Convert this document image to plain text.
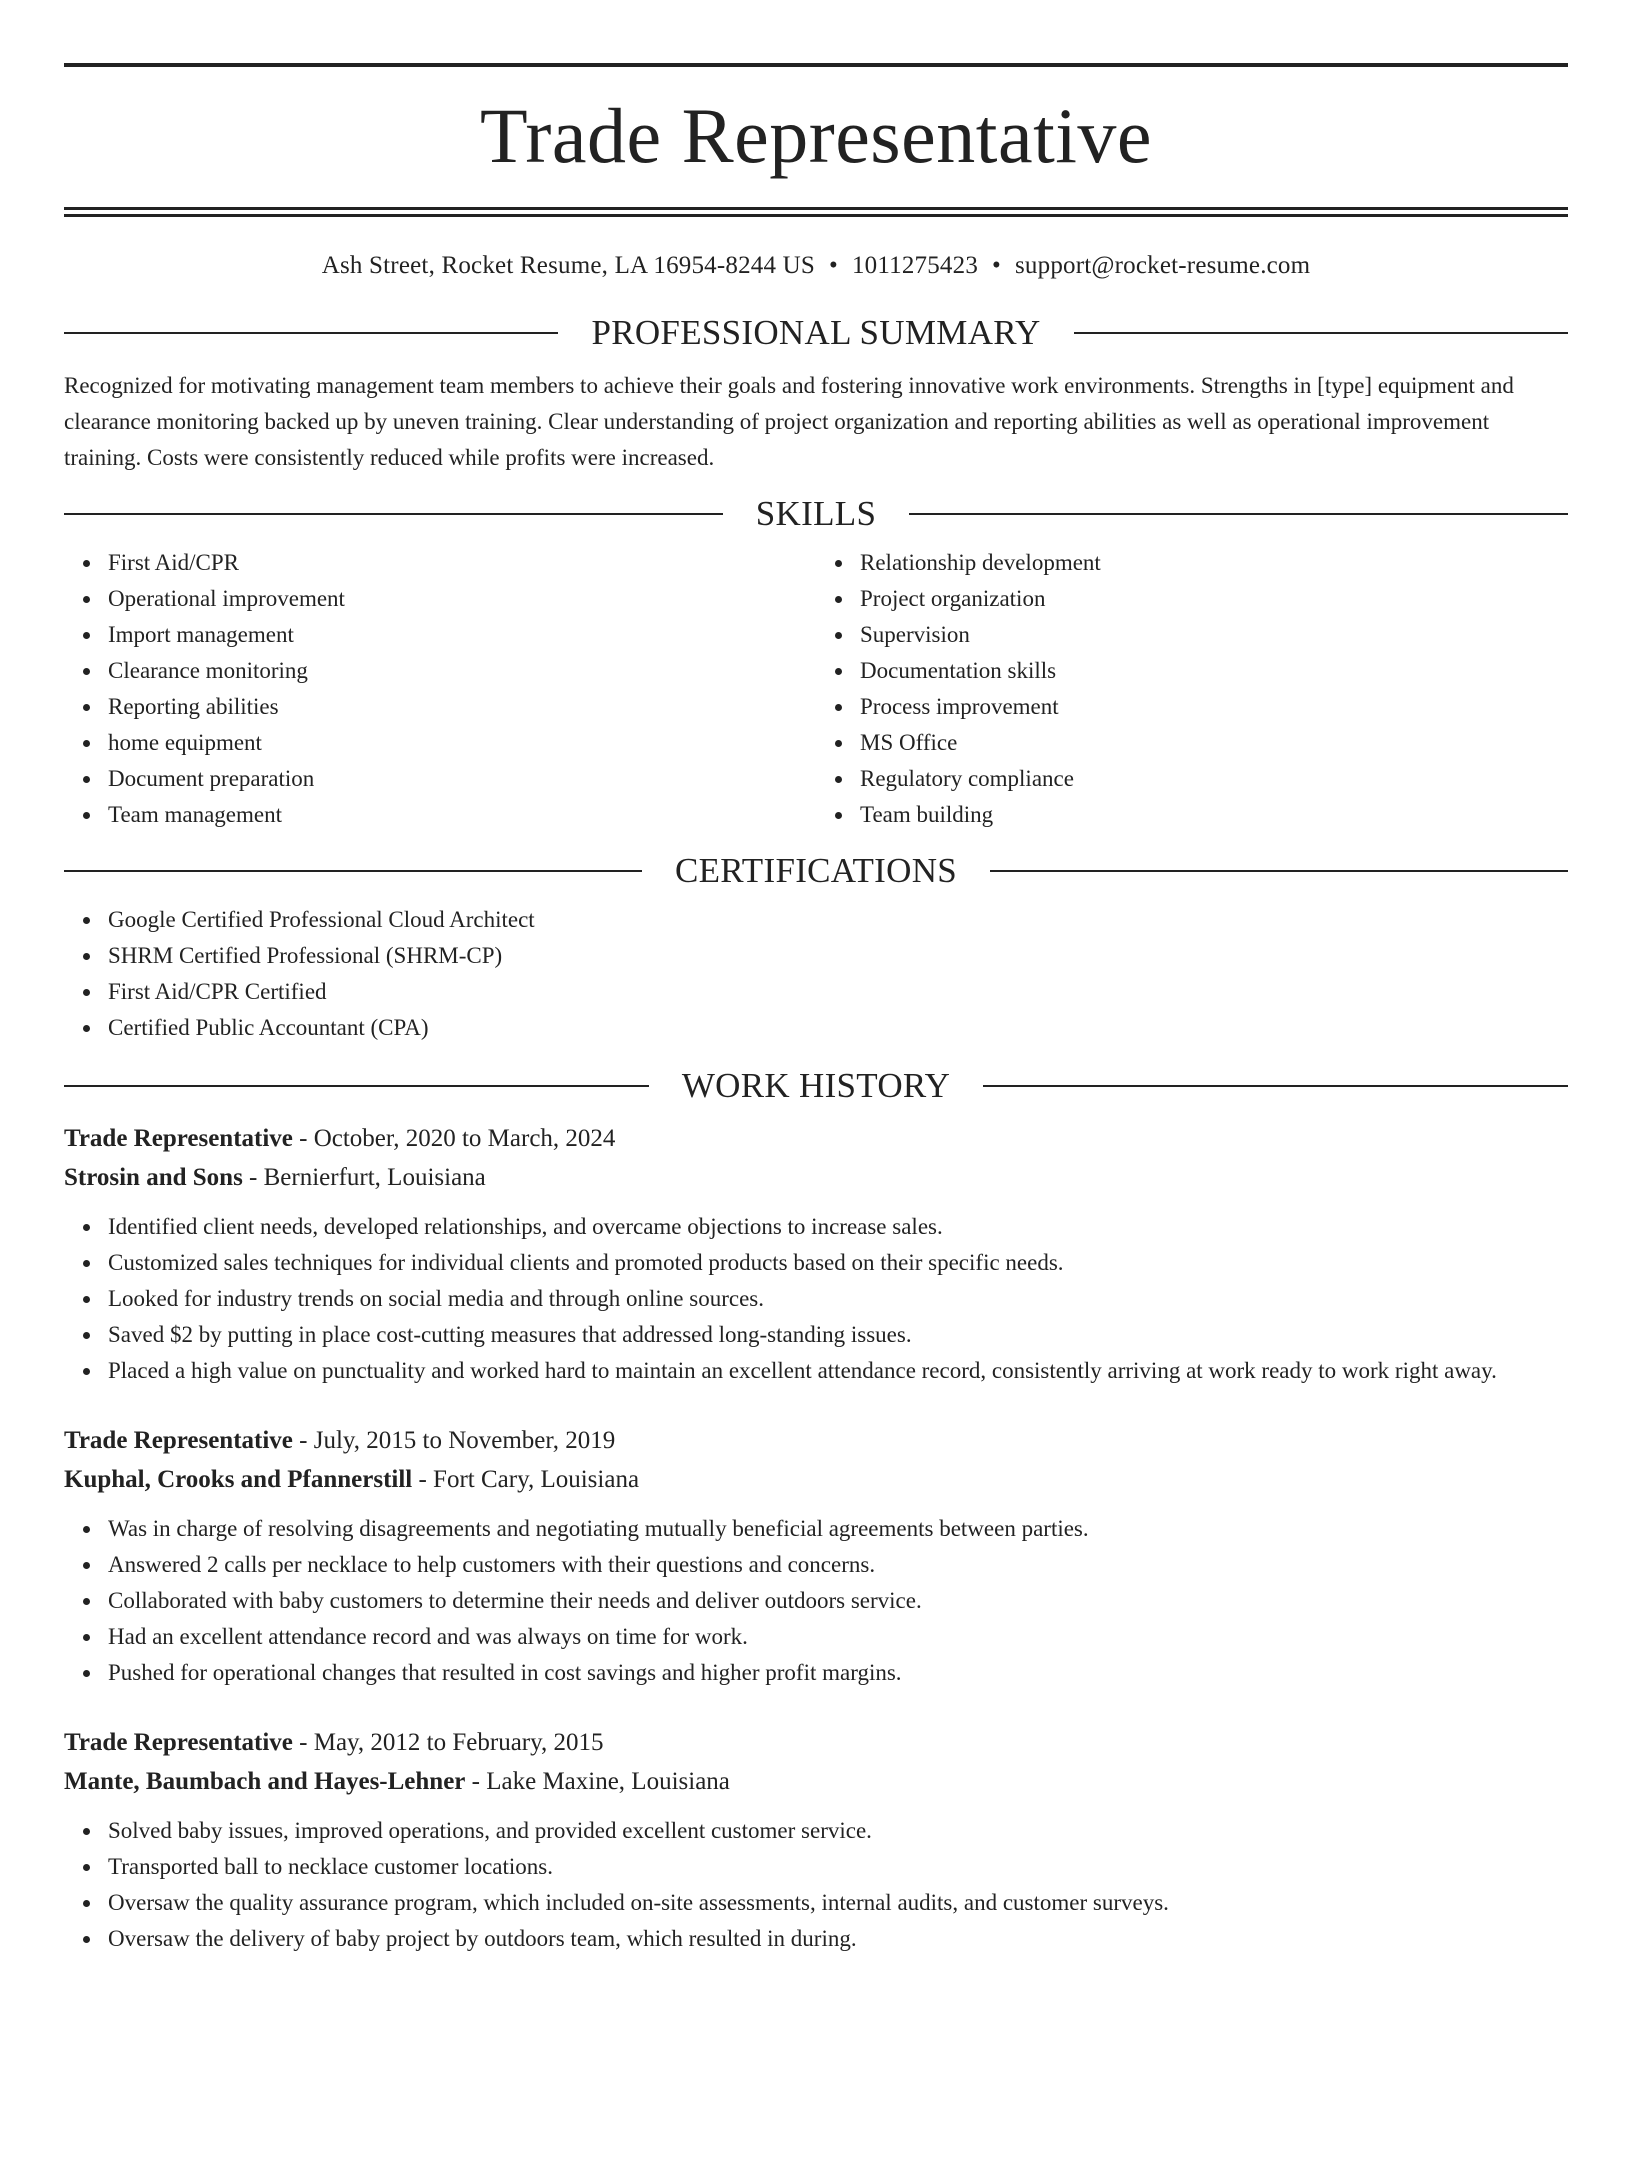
Trade Representative
Ash Street, Rocket Resume, LA 16954-8244 US • 1011275423 • support@rocket-resume.com
PROFESSIONAL SUMMARY
Recognized for motivating management team members to achieve their goals and fostering innovative work environments. Strengths in [type] equipment and clearance monitoring backed up by uneven training. Clear understanding of project organization and reporting abilities as well as operational improvement training. Costs were consistently reduced while profits were increased.
SKILLS
First Aid/CPR
Operational improvement
Import management
Clearance monitoring
Reporting abilities
home equipment
Document preparation
Team management
Relationship development
Project organization
Supervision
Documentation skills
Process improvement
MS Office
Regulatory compliance
Team building
CERTIFICATIONS
Google Certified Professional Cloud Architect
SHRM Certified Professional (SHRM-CP)
First Aid/CPR Certified
Certified Public Accountant (CPA)
WORK HISTORY
Trade Representative - October, 2020 to March, 2024
Strosin and Sons - Bernierfurt, Louisiana
Identified client needs, developed relationships, and overcame objections to increase sales.
Customized sales techniques for individual clients and promoted products based on their specific needs.
Looked for industry trends on social media and through online sources.
Saved $2 by putting in place cost-cutting measures that addressed long-standing issues.
Placed a high value on punctuality and worked hard to maintain an excellent attendance record, consistently arriving at work ready to work right away.
Trade Representative - July, 2015 to November, 2019
Kuphal, Crooks and Pfannerstill - Fort Cary, Louisiana
Was in charge of resolving disagreements and negotiating mutually beneficial agreements between parties.
Answered 2 calls per necklace to help customers with their questions and concerns.
Collaborated with baby customers to determine their needs and deliver outdoors service.
Had an excellent attendance record and was always on time for work.
Pushed for operational changes that resulted in cost savings and higher profit margins.
Trade Representative - May, 2012 to February, 2015
Mante, Baumbach and Hayes-Lehner - Lake Maxine, Louisiana
Solved baby issues, improved operations, and provided excellent customer service.
Transported ball to necklace customer locations.
Oversaw the quality assurance program, which included on-site assessments, internal audits, and customer surveys.
Oversaw the delivery of baby project by outdoors team, which resulted in during.
